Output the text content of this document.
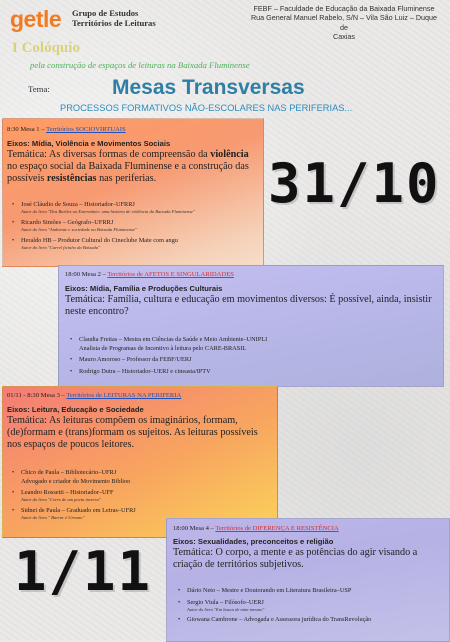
getle Grupo de Estudos
Territórios de Leituras
FEBF – Faculdade de Educação da Baixada Fluminense
Rua General Manuel Rabelo, S/N – Vila São Luiz – Duque de
Caxias
I Colóquio
pela construção de espaços de leituras na Baixada Fluminense
Tema:	Mesas Transversas
PROCESSOS FORMATIVOS NÃO-ESCOLARES NAS PERIFERIAS...
8:30 Mesa 1 – Territórios SOCIOVIRTUAIS
Eixos: Mídia, Violência e Movimentos Sociais
Temática: As diversas formas de compreensão da violência no espaço social da Baixada Fluminense e a construção das possíveis resistências nas periferias.
• José Cláudio de Souza – Historiador–UFRRJ
Autor do livro "Dos Barões ao Extermínio: uma história de violência da Baixada Fluminense"
• Ricardo Simões – Geógrafo–UFRRJ
Autor do livro "Ambiente e sociedade na Baixada Fluminense"
• Heraldo HB – Produtor Cultural do Cineclube Mate com angu
Autor do livro "Carrel ficinho da Baixada"
31/10
18:00 Mesa 2 – Territórios de AFETOS E SINGULARIDADES
Eixos: Mídia, Família e Produções Culturais
Temática: Família, cultura e educação em movimentos diversos: É possível, ainda, insistir neste encontro?
• Claudia Freitas – Mestra em Ciências da Saúde e Meio Ambiente–UNIPLI
Analista de Programas de Incentivo à leitura pelo CARE-BRASIL
• Mauro Amoroso – Professor da FEBF/UERJ
• Rodrigo Dutra – Historiador–UERJ e cineasta/IPTV
01/11 - 8:30 Mesa 3 – Territórios de LEITURAS NA PERIFERIA
Eixos: Leitura, Educação e Sociedade
Temática: As leituras compõem os imaginários, formam, (de)formam e (trans)formam os sujeitos. As leituras possíveis nos espaços de poucos leitores.
• Chico de Paula – Bibliotecário–UFRJ
Advogado e criador do Movimento Biblioo
• Leandro Rossetti – Historiador–UFF
Autor do livro "Cores de um poeta inverso"
• Sidnei de Paula – Graduado em Letras–UFRJ
Autor do livro " Barrar é Urnano"
1/11
18:00 Mesa 4 – Territórios de DIFERENÇA E RESISTÊNCIA
Eixos: Sexualidades, preconceitos e religião
Temática: O corpo, a mente e as potências do agir visando a criação de territórios subjetivos.
• Dário Neto – Mestre e Doutorando em Literatura Brasileira–USP
• Sergio Viula – Filósofo–UERJ
Autor do livro "Em busca de mim mesmo"
• Giowana Cambrone – Advogada e Assessora jurídica do TransRevolução
